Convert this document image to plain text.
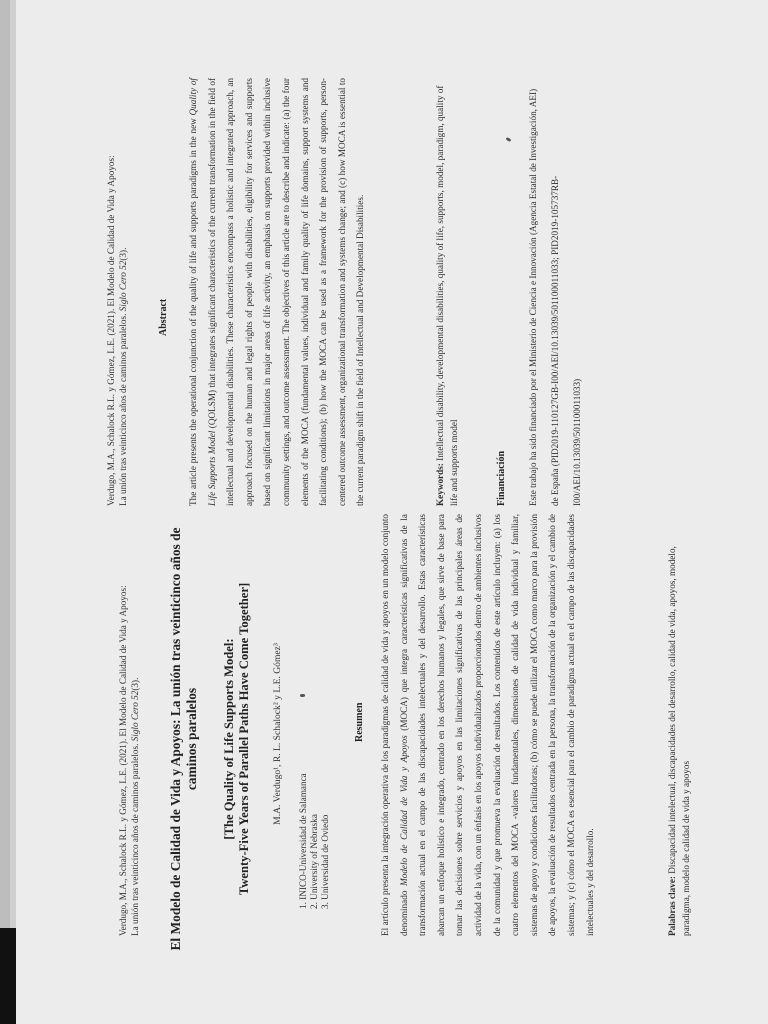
Verdugo, M.A., Schalock R.L. y Gómez, L.E. (2021). El Modelo de Calidad de Vida y Apoyos: La unión tras veinticinco años de caminos paralelos. Siglo Cero 52(3). El Modelo de Calidad de Vida y Apoyos: La unión tras veinticinco años de caminos paralelos [The Quality of Life Supports Model: Twenty-Five Years of Parallel Paths Have Come Together] M.A. Verdugo¹, R. L. Schalock² y L.E. Gómez³
1. INICO-Universidad de Salamanca 2. University of Nebraska 3. Universidad de Oviedo
Resumen	El artículo presenta la integración operativa de los paradigmas de calidad de vida y apoyos en un modelo conjunto denominado Modelo de Calidad de Vida y Apoyos (MOCA) que integra características significativas de la transformación actual en el campo de las discapacidades intelectuales y del desarrollo. Estas características abarcan un enfoque holístico e integrado, centrado en los derechos humanos y legales, que sirve de base para tomar las decisiones sobre servicios y apoyos en las limitaciones significativas de las principales áreas de actividad de la vida, con un énfasis en los apoyos individualizados proporcionados dentro de ambientes inclusivos de la comunidad y que promueva la evaluación de resultados. Los contenidos de este artículo incluyen: (a) los cuatro elementos del MOCA -valores fundamentales, dimensiones de calidad de vida individual y familiar, sistemas de apoyo y condiciones facilitadoras; (b) cómo se puede utilizar el MOCA como marco para la provisión de apoyos, la evaluación de resultados centrada en la persona, la transformación de la organización y el cambio de sistemas; y (c) cómo el MOCA es esencial para el cambio de paradigma actual en el campo de las discapacidades intelectuales y del desarrollo.	Palabras clave: Discapacidad intelectual, discapacidades del desarrollo, calidad de vida, apoyos, modelo, paradigma, modelo de calidad de vida y apoyos

Verdugo, M.A., Schalock R.L. y Gómez, L.E. (2021). El Modelo de Calidad de Vida y Apoyos: La unión tras veinticinco años de caminos paralelos. Siglo Cero 52(3).
Abstract	The article presents the operational conjunction of the quality of life and supports paradigms in the new Quality of Life Supports Model (QOLSM) that integrates significant characteristics of the current transformation in the field of intellectual and developmental disabilities. These characteristics encompass a holistic and integrated approach, an approach focused on the human and legal rights of people with disabilities, eligibility for services and supports based on significant limitations in major areas of life activity, an emphasis on supports provided within inclusive community settings, and outcome assessment. The objectives of this article are to describe and indicate: (a) the four elements of the MOCA (fundamental values, individual and family quality of life domains, support systems and facilitating conditions); (b) how the MOCA can be used as a framework for the provision of supports, person-centered outcome assessment, organizational transformation and systems change; and (c) how MOCA is essential to the current paradigm shift in the field of Intellectual and Developmental Disabilities.	Keywords: Intellectual disability, developmental disabilities, quality of life, supports, model, paradigm, quality of life and supports model	Financiación	Este trabajo ha sido financiado por el Ministerio de Ciencia e Innovación (Agencia Estatal de Investigación, AEI) de España (PID2019-110127GB-I00/AEI/10.13039/501100011033; PID2019-105737RB-I00/AEI/10.13039/501100011033)
